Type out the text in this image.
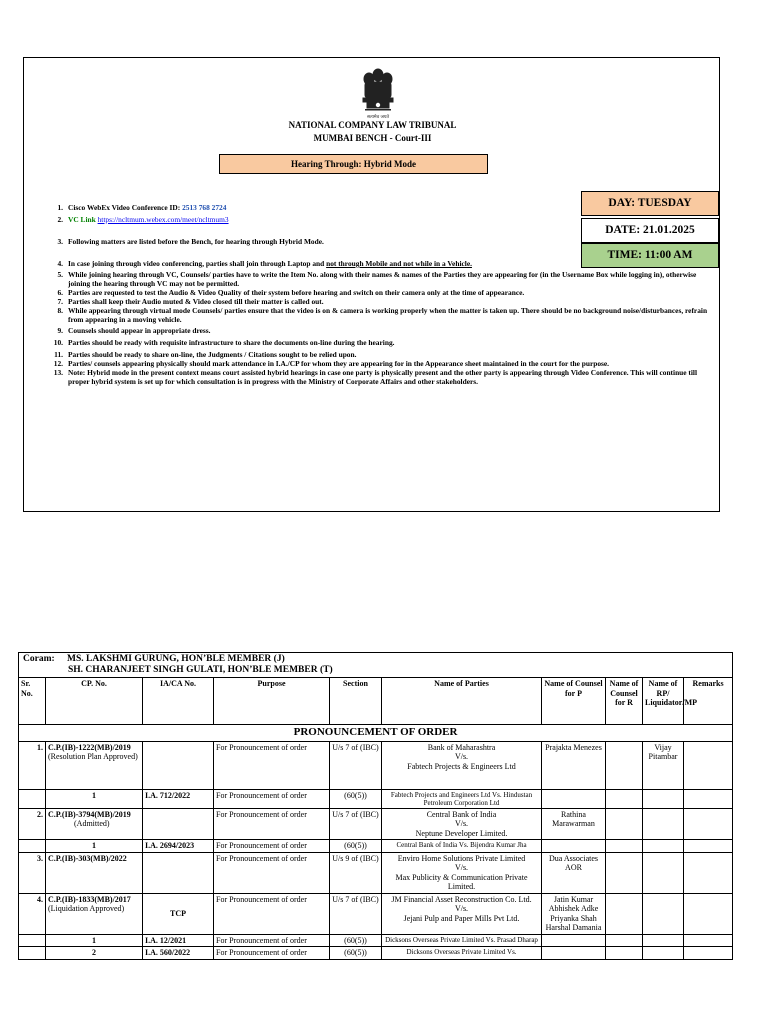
सत्यमेव जयते
NATIONAL COMPANY LAW TRIBUNAL
MUMBAI BENCH - Court-III
Hearing Through: Hybrid Mode
DAY: TUESDAY
DATE: 21.01.2025
TIME: 11:00 AM
1. Cisco WebEx Video Conference ID: 2513 768 2724
2. VC Link https://ncltmum.webex.com/meet/ncltmum3
3. Following matters are listed before the Bench, for hearing through Hybrid Mode.
4. In case joining through video conferencing, parties shall join through Laptop and not through Mobile and not while in a Vehicle.
5. While joining hearing through VC, Counsels/ parties have to write the Item No. along with their names & names of the Parties they are appearing for (in the Username Box while logging in), otherwise joining the hearing through VC may not be permitted.
6. Parties are requested to test the Audio & Video Quality of their system before hearing and switch on their camera only at the time of appearance.
7. Parties shall keep their Audio muted & Video closed till their matter is called out.
8. While appearing through virtual mode Counsels/ parties ensure that the video is on & camera is working properly when the matter is taken up. There should be no background noise/disturbances, refrain from appearing in a moving vehicle.
9. Counsels should appear in appropriate dress.
10. Parties should be ready with requisite infrastructure to share the documents on-line during the hearing.
11. Parties should be ready to share on-line, the Judgments / Citations sought to be relied upon.
12. Parties/ counsels appearing physically should mark attendance in I.A./CP for whom they are appearing for in the Appearance sheet maintained in the court for the purpose.
13. Note: Hybrid mode in the present context means court assisted hybrid hearings in case one party is physically present and the other party is appearing through Video Conference. This will continue till proper hybrid system is set up for which consultation is in progress with the Ministry of Corporate Affairs and other stakeholders.
Coram: MS. LAKSHMI GURUNG, HON’BLE MEMBER (J)
SH. CHARANJEET SINGH GULATI, HON’BLE MEMBER (T)									
Sr. No.	CP. No.	IA/CA No.	Purpose	Section	Name of Parties	Name of Counsel for P	Name of Counsel for R	Name of RP/ Liquidator/MP	Remarks
PRONOUNCEMENT OF ORDER									
1.	C.P.(IB)-1222(MB)/2019
(Resolution Plan Approved)		For Pronouncement of order	U/s 7 of (IBC)	Bank of Maharashtra
V/s.
Fabtech Projects & Engineers Ltd	Prajakta Menezes		Vijay Pitambar	
	1	I.A. 712/2022	For Pronouncement of order	(60(5))	Fabtech Projects and Engineers Ltd Vs. Hindustan Petroleum Corporation Ltd				
2.	C.P.(IB)-3794(MB)/2019
(Admitted)		For Pronouncement of order	U/s 7 of (IBC)	Central Bank of India
V/s.
Neptune Developer Limited.	Rathina Marawarman			
	1	I.A. 2694/2023	For Pronouncement of order	(60(5))	Central Bank of India Vs. Bijendra Kumar Jha				
3.	C.P.(IB)-303(MB)/2022		For Pronouncement of order	U/s 9 of (IBC)	Enviro Home Solutions Private Limited
V/s.
Max Publicity & Communication Private Limited.	Dua Associates AOR			
4.	C.P.(IB)-1833(MB)/2017
(Liquidation Approved)	TCP	For Pronouncement of order	U/s 7 of (IBC)	JM Financial Asset Reconstruction Co. Ltd.
V/s.
Jejani Pulp and Paper Mills Pvt Ltd.	Jatin Kumar Abhishek Adke Priyanka Shah Harshal Damania			
	1	I.A. 12/2021	For Pronouncement of order	(60(5))	Dicksons Overseas Private Limited Vs. Prasad Dharap				
	2	I.A. 560/2022	For Pronouncement of order	(60(5))	Dicksons Overseas Private Limited Vs.				
